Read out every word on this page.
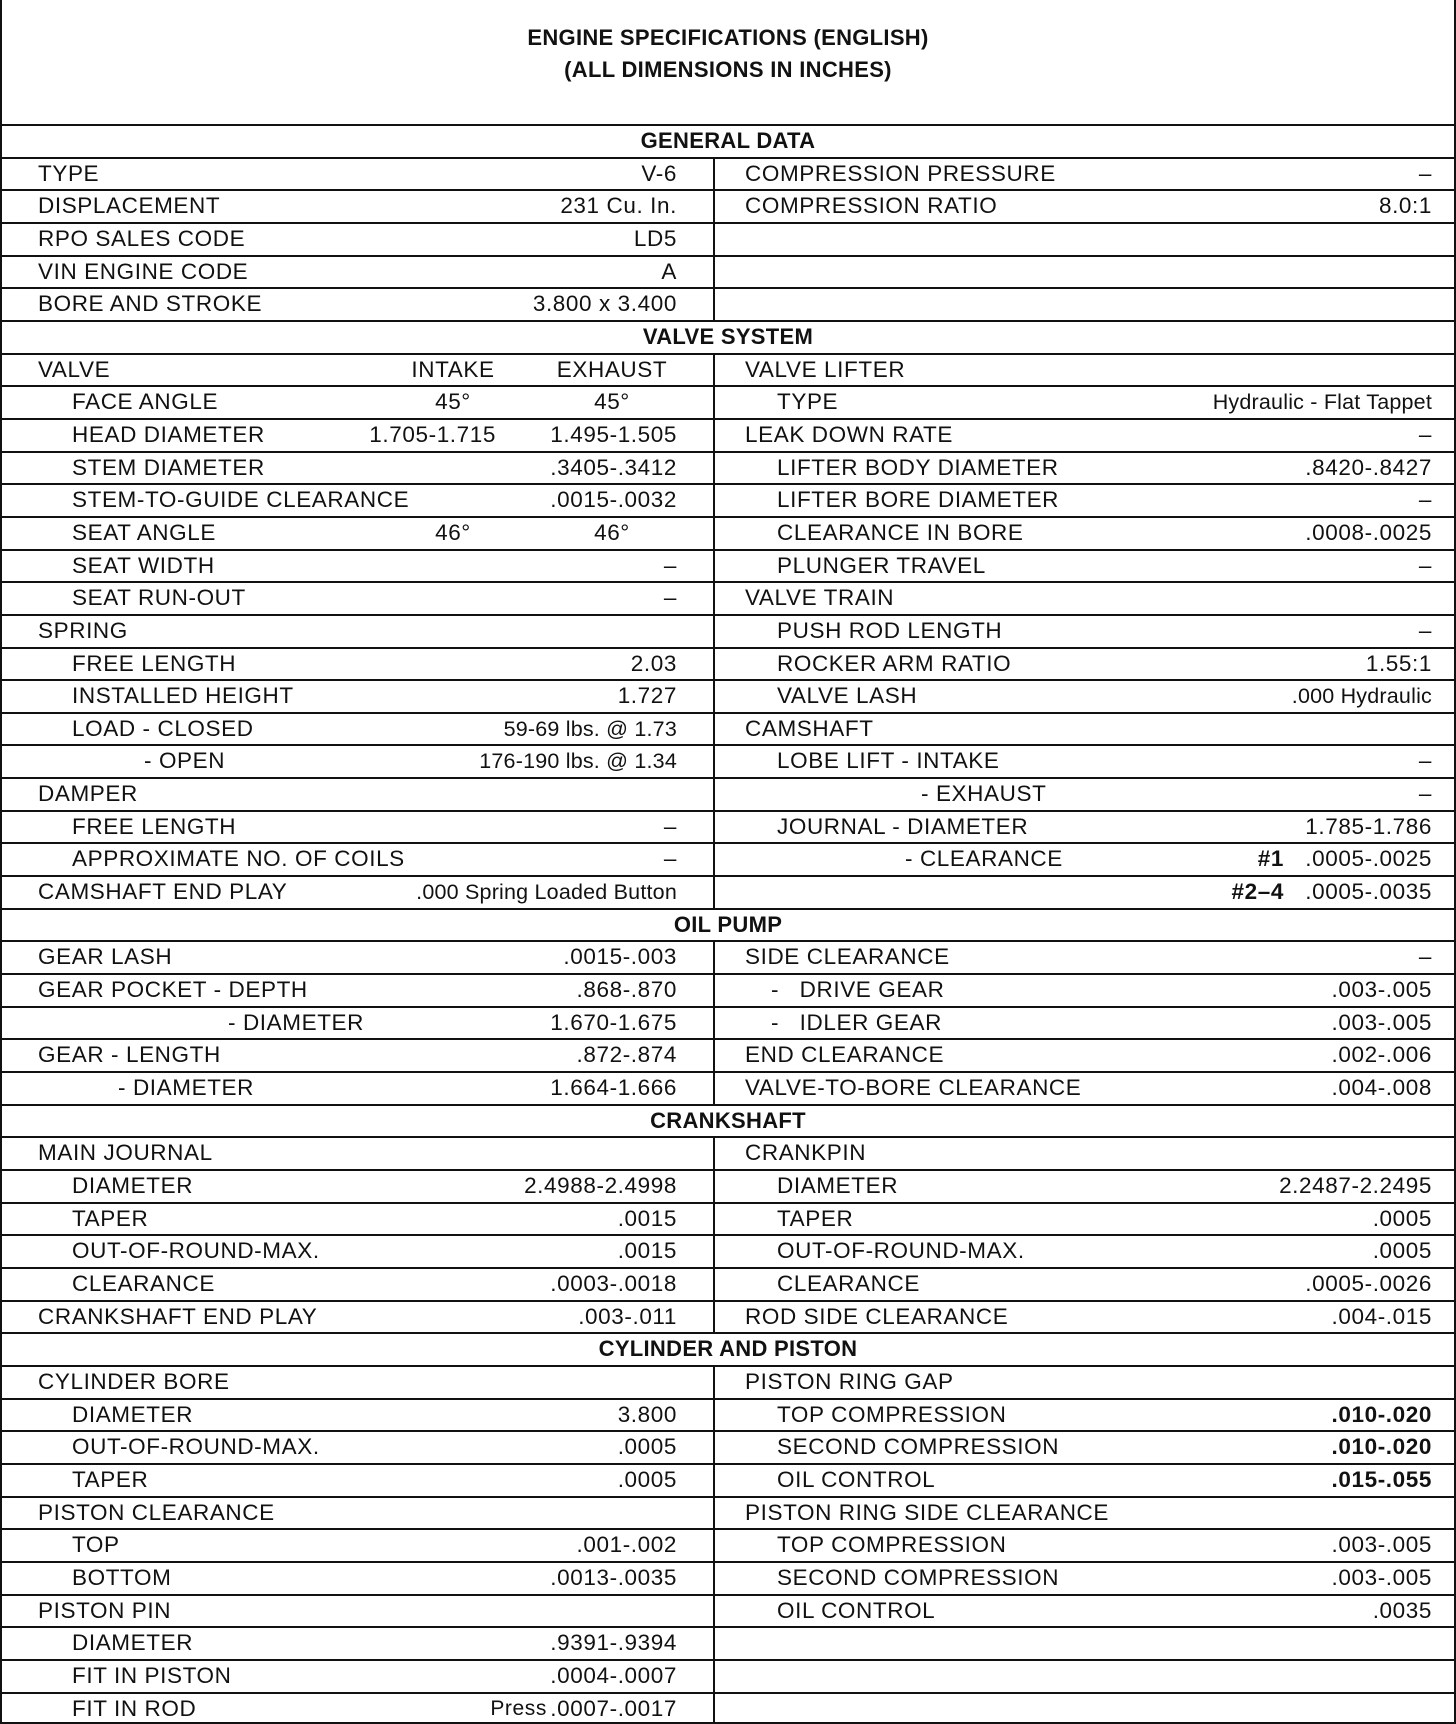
ENGINE SPECIFICATIONS (ENGLISH)
(ALL DIMENSIONS IN INCHES)
GENERAL DATA
TYPE	V-6	COMPRESSION PRESSURE	–
DISPLACEMENT	231 Cu. In.	COMPRESSION RATIO	8.0:1
RPO SALES CODE	LD5
VIN ENGINE CODE	A
BORE AND STROKE	3.800 x 3.400
VALVE SYSTEM
VALVE	INTAKE	EXHAUST	VALVE LIFTER
FACE ANGLE	45°	45°	TYPE	Hydraulic - Flat Tappet
HEAD DIAMETER	1.705-1.715 1.495-1.505	LEAK DOWN RATE	–
STEM DIAMETER	.3405-.3412	LIFTER BODY DIAMETER	.8420-.8427
STEM-TO-GUIDE CLEARANCE	.0015-.0032	LIFTER BORE DIAMETER	–
SEAT ANGLE	46°	46°	CLEARANCE IN BORE	.0008-.0025
SEAT WIDTH	–	PLUNGER TRAVEL	–
SEAT RUN-OUT	–	VALVE TRAIN
SPRING	PUSH ROD LENGTH	–
FREE LENGTH	2.03	ROCKER ARM RATIO	1.55:1
INSTALLED HEIGHT	1.727	VALVE LASH	.000 Hydraulic
LOAD - CLOSED	59-69 lbs. @ 1.73	CAMSHAFT
- OPEN	176-190 lbs. @ 1.34	LOBE LIFT - INTAKE	–
DAMPER	- EXHAUST	–
FREE LENGTH	–	JOURNAL - DIAMETER	1.785-1.786
APPROXIMATE NO. OF COILS	–	- CLEARANCE	#1 .0005-.0025
CAMSHAFT END PLAY	.000 Spring Loaded Button	#2–4 .0005-.0035
OIL PUMP
GEAR LASH	.0015-.003	SIDE CLEARANCE	–
GEAR POCKET - DEPTH	.868-.870	-   DRIVE GEAR	.003-.005
- DIAMETER	1.670-1.675	-   IDLER GEAR	.003-.005
GEAR - LENGTH	.872-.874	END CLEARANCE	.002-.006
- DIAMETER	1.664-1.666	VALVE-TO-BORE CLEARANCE	.004-.008
CRANKSHAFT
MAIN JOURNAL	CRANKPIN
DIAMETER	2.4988-2.4998	DIAMETER	2.2487-2.2495
TAPER	.0015	TAPER	.0005
OUT-OF-ROUND-MAX.	.0015	OUT-OF-ROUND-MAX.	.0005
CLEARANCE	.0003-.0018	CLEARANCE	.0005-.0026
CRANKSHAFT END PLAY	.003-.011	ROD SIDE CLEARANCE	.004-.015
CYLINDER AND PISTON
CYLINDER BORE	PISTON RING GAP
DIAMETER	3.800	TOP COMPRESSION	.010-.020
OUT-OF-ROUND-MAX.	.0005	SECOND COMPRESSION	.010-.020
TAPER	.0005	OIL CONTROL	.015-.055
PISTON CLEARANCE	PISTON RING SIDE CLEARANCE
TOP	.001-.002	TOP COMPRESSION	.003-.005
BOTTOM	.0013-.0035	SECOND COMPRESSION	.003-.005
PISTON PIN	OIL CONTROL	.0035
DIAMETER	.9391-.9394
FIT IN PISTON	.0004-.0007
FIT IN ROD	Press .0007-.0017
